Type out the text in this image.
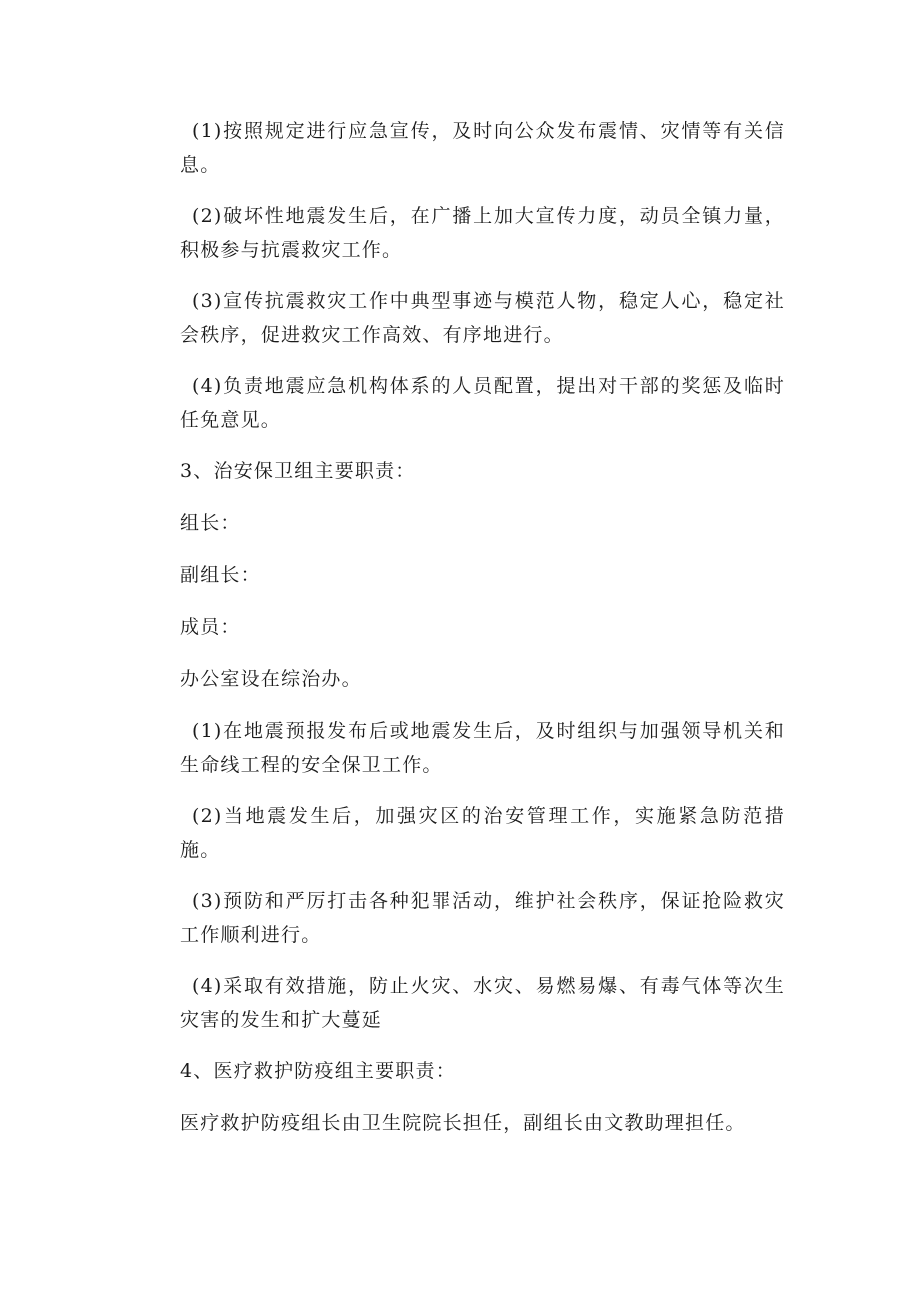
(1)按照规定进行应急宣传，及时向公众发布震情、灾情等有关信息。

(2)破坏性地震发生后，在广播上加大宣传力度，动员全镇力量，积极参与抗震救灾工作。

(3)宣传抗震救灾工作中典型事迹与模范人物，稳定人心，稳定社会秩序，促进救灾工作高效、有序地进行。

(4)负责地震应急机构体系的人员配置，提出对干部的奖惩及临时任免意见。

3、治安保卫组主要职责：

组长：

副组长：

成员：

办公室设在综治办。

(1)在地震预报发布后或地震发生后，及时组织与加强领导机关和生命线工程的安全保卫工作。

(2)当地震发生后，加强灾区的治安管理工作，实施紧急防范措施。

(3)预防和严厉打击各种犯罪活动，维护社会秩序，保证抢险救灾工作顺利进行。

(4)采取有效措施，防止火灾、水灾、易燃易爆、有毒气体等次生灾害的发生和扩大蔓延

4、医疗救护防疫组主要职责：

医疗救护防疫组长由卫生院院长担任，副组长由文教助理担任。
